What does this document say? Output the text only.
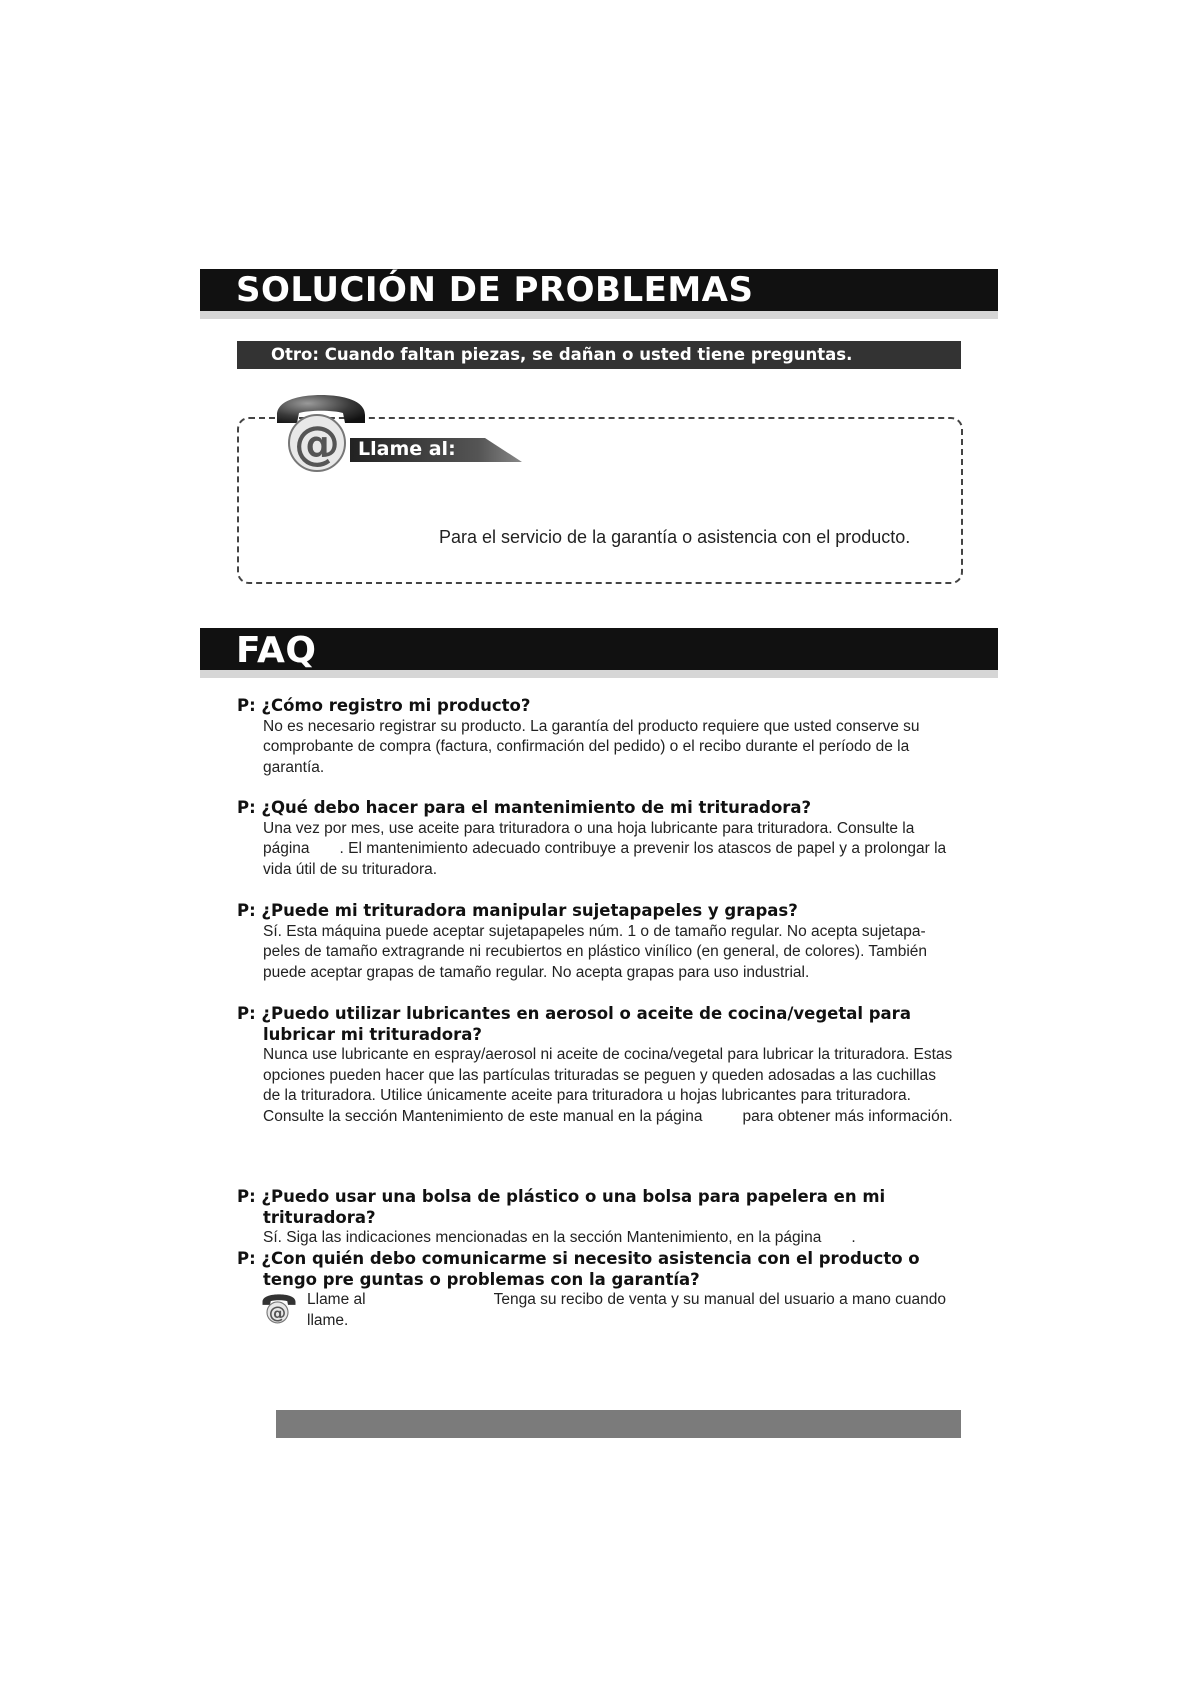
SOLUCIÓN DE PROBLEMAS
Otro: Cuando faltan piezas, se dañan o usted tiene preguntas.
Llame al:
@
Para el servicio de la garantía o asistencia con el producto.
FAQ
P: ¿Cómo registro mi producto?
No es necesario registrar su producto. La garantía del producto requiere que usted conserve su comprobante de compra (factura, confirmación del pedido) o el recibo durante el período de la garantía.
P: ¿Qué debo hacer para el mantenimiento de mi trituradora?
Una vez por mes, use aceite para trituradora o una hoja lubricante para trituradora. Consulte la página . El mantenimiento adecuado contribuye a prevenir los atascos de papel y a prolongar la vida útil de su trituradora.
P: ¿Puede mi trituradora manipular sujetapapeles y grapas?
Sí. Esta máquina puede aceptar sujetapapeles núm. 1 o de tamaño regular. No acepta sujetapa-peles de tamaño extragrande ni recubiertos en plástico vinílico (en general, de colores). También puede aceptar grapas de tamaño regular. No acepta grapas para uso industrial.
P: ¿Puedo utilizar lubricantes en aerosol o aceite de cocina/vegetal para lubricar mi trituradora?
Nunca use lubricante en espray/aerosol ni aceite de cocina/vegetal para lubricar la trituradora. Estas opciones pueden hacer que las partículas trituradas se peguen y queden adosadas a las cuchillas de la trituradora. Utilice únicamente aceite para trituradora u hojas lubricantes para trituradora. Consulte la sección Mantenimiento de este manual en la página	para obtener más información.
P: ¿Puedo usar una bolsa de plástico o una bolsa para papelera en mi trituradora?
Sí. Siga las indicaciones mencionadas en la sección Mantenimiento, en la página .
P: ¿Con quién debo comunicarme si necesito asistencia con el producto o tengo pre guntas o problemas con la garantía?
@
Llame al	Tenga su recibo de venta y su manual del usuario a mano cuando llame.
